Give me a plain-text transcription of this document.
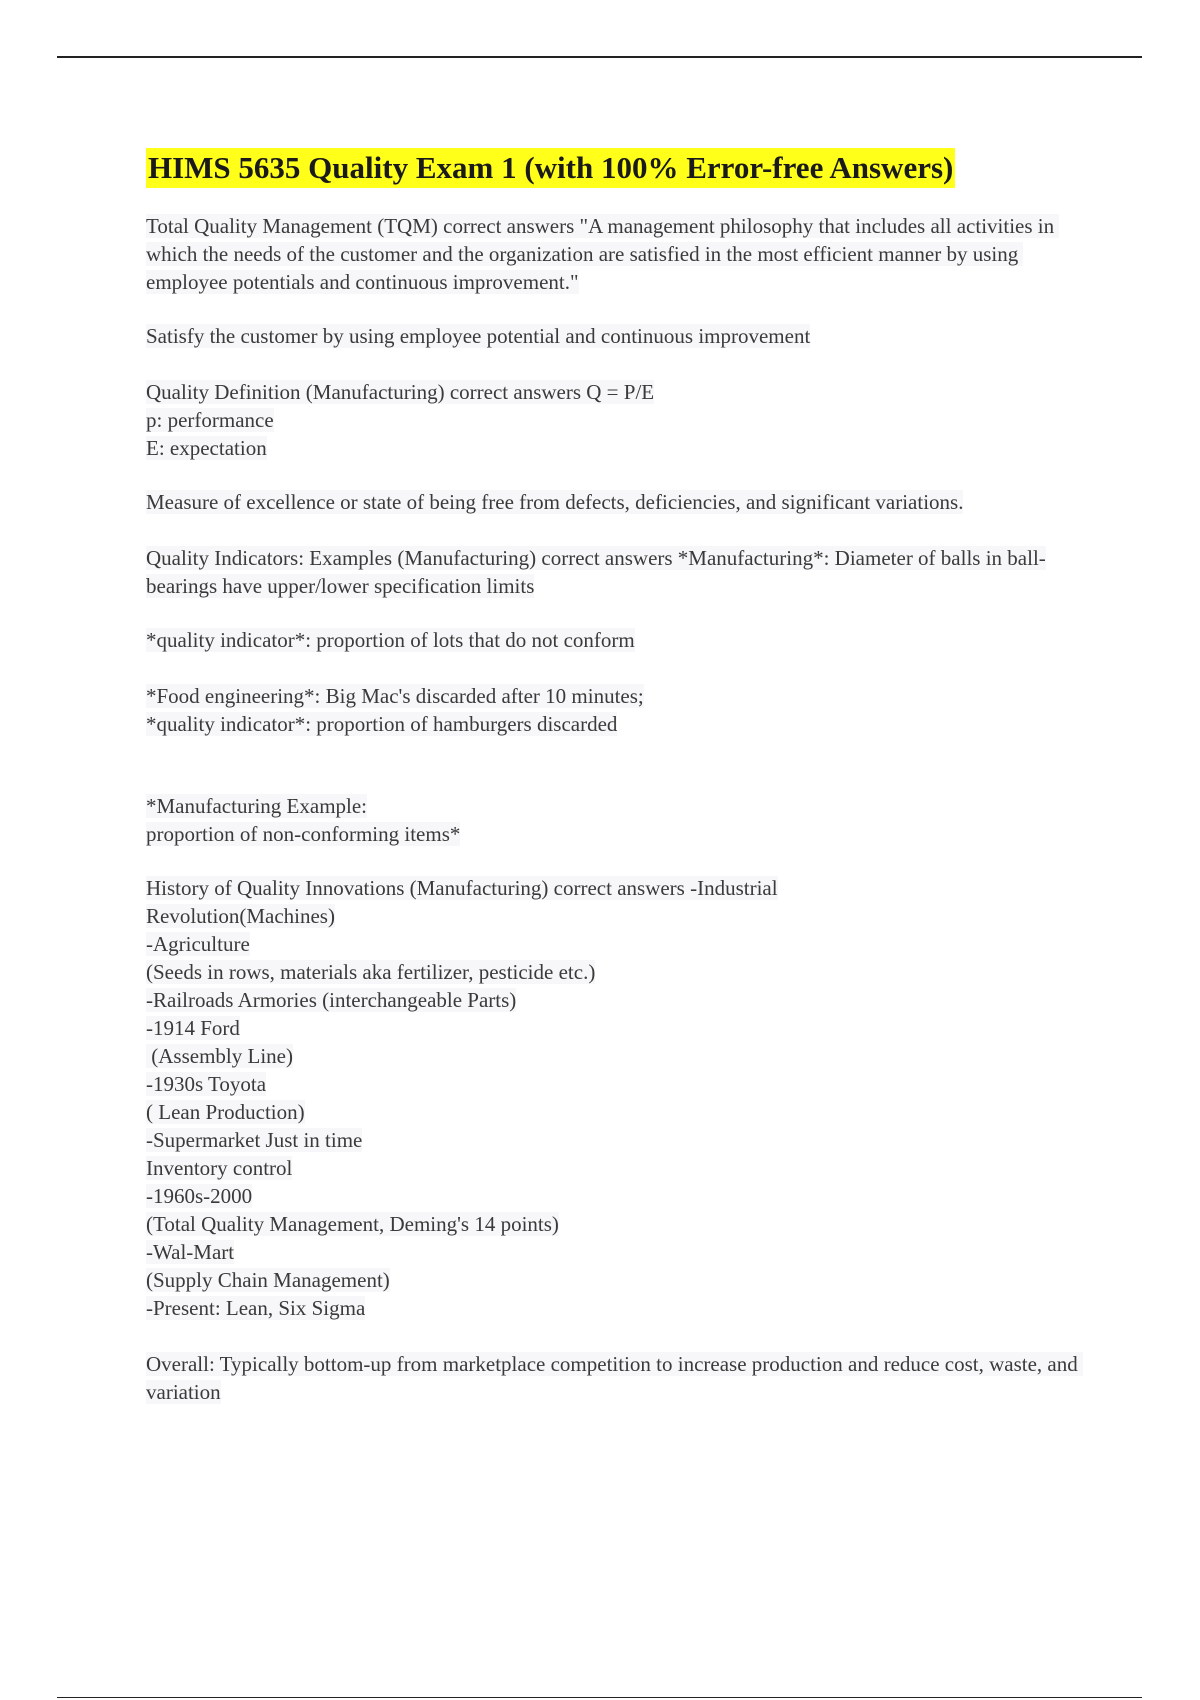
HIMS 5635 Quality Exam 1 (with 100% Error-free Answers)

Total Quality Management (TQM) correct answers "A management philosophy that includes all activities in which the needs of the customer and the organization are satisfied in the most efficient manner by using employee potentials and continuous improvement."

Satisfy the customer by using employee potential and continuous improvement

Quality Definition (Manufacturing) correct answers Q = P/E
p: performance
E: expectation

Measure of excellence or state of being free from defects, deficiencies, and significant variations.

Quality Indicators: Examples (Manufacturing) correct answers *Manufacturing*: Diameter of balls in ball-bearings have upper/lower specification limits

*quality indicator*: proportion of lots that do not conform

*Food engineering*: Big Mac's discarded after 10 minutes;
*quality indicator*: proportion of hamburgers discarded

*Manufacturing Example:
proportion of non-conforming items*

History of Quality Innovations (Manufacturing) correct answers -Industrial
Revolution(Machines)
-Agriculture
(Seeds in rows, materials aka fertilizer, pesticide etc.)
-Railroads Armories (interchangeable Parts)
-1914 Ford
(Assembly Line)
-1930s Toyota
( Lean Production)
-Supermarket Just in time
Inventory control
-1960s-2000
(Total Quality Management, Deming's 14 points)
-Wal-Mart
(Supply Chain Management)
-Present: Lean, Six Sigma

Overall: Typically bottom-up from marketplace competition to increase production and reduce cost, waste, and variation
